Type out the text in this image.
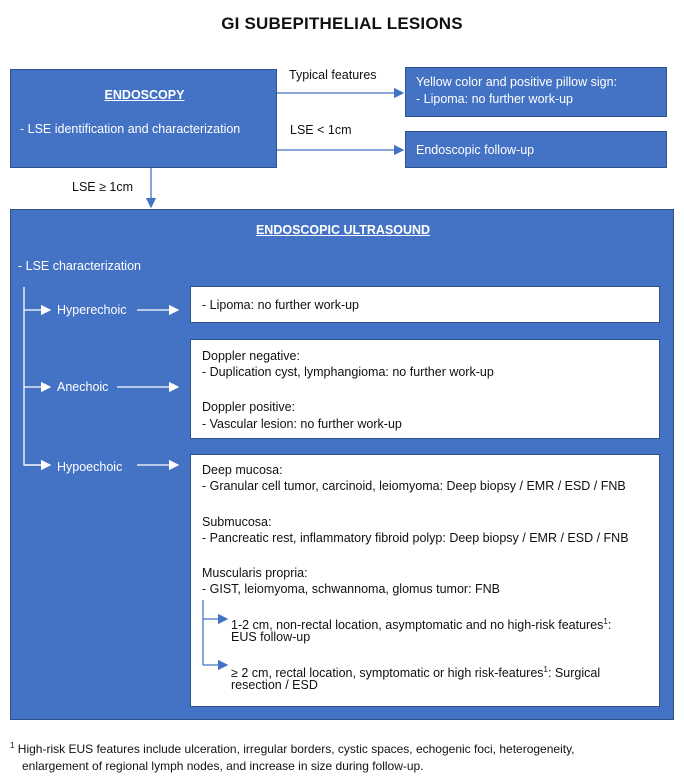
GI SUBEPITHELIAL LESIONS
ENDOSCOPY
- LSE identification and characterization
Yellow color and positive pillow sign:
- Lipoma: no further work-up
Endoscopic follow-up
Typical features
LSE < 1cm
LSE ≥ 1cm
ENDOSCOPIC ULTRASOUND
- LSE characterization
Hyperechoic
Anechoic
Hypoechoic
- Lipoma: no further work-up
Doppler negative:
- Duplication cyst, lymphangioma: no further work-up
Doppler positive:
- Vascular lesion: no further work-up
Deep mucosa:
- Granular cell tumor, carcinoid, leiomyoma: Deep biopsy / EMR / ESD / FNB
Submucosa:
- Pancreatic rest, inflammatory fibroid polyp: Deep biopsy / EMR / ESD / FNB
Muscularis propria:
- GIST, leiomyoma, schwannoma, glomus tumor: FNB
1-2 cm, non-rectal location, asymptomatic and no high-risk features$^1$:
EUS follow-up
≥ 2 cm, rectal location, symptomatic or high risk-features$^1$: Surgical
resection / ESD
$^1$ High-risk EUS features include ulceration, irregular borders, cystic spaces, echogenic foci, heterogeneity,
enlargement of regional lymph nodes, and increase in size during follow-up.
